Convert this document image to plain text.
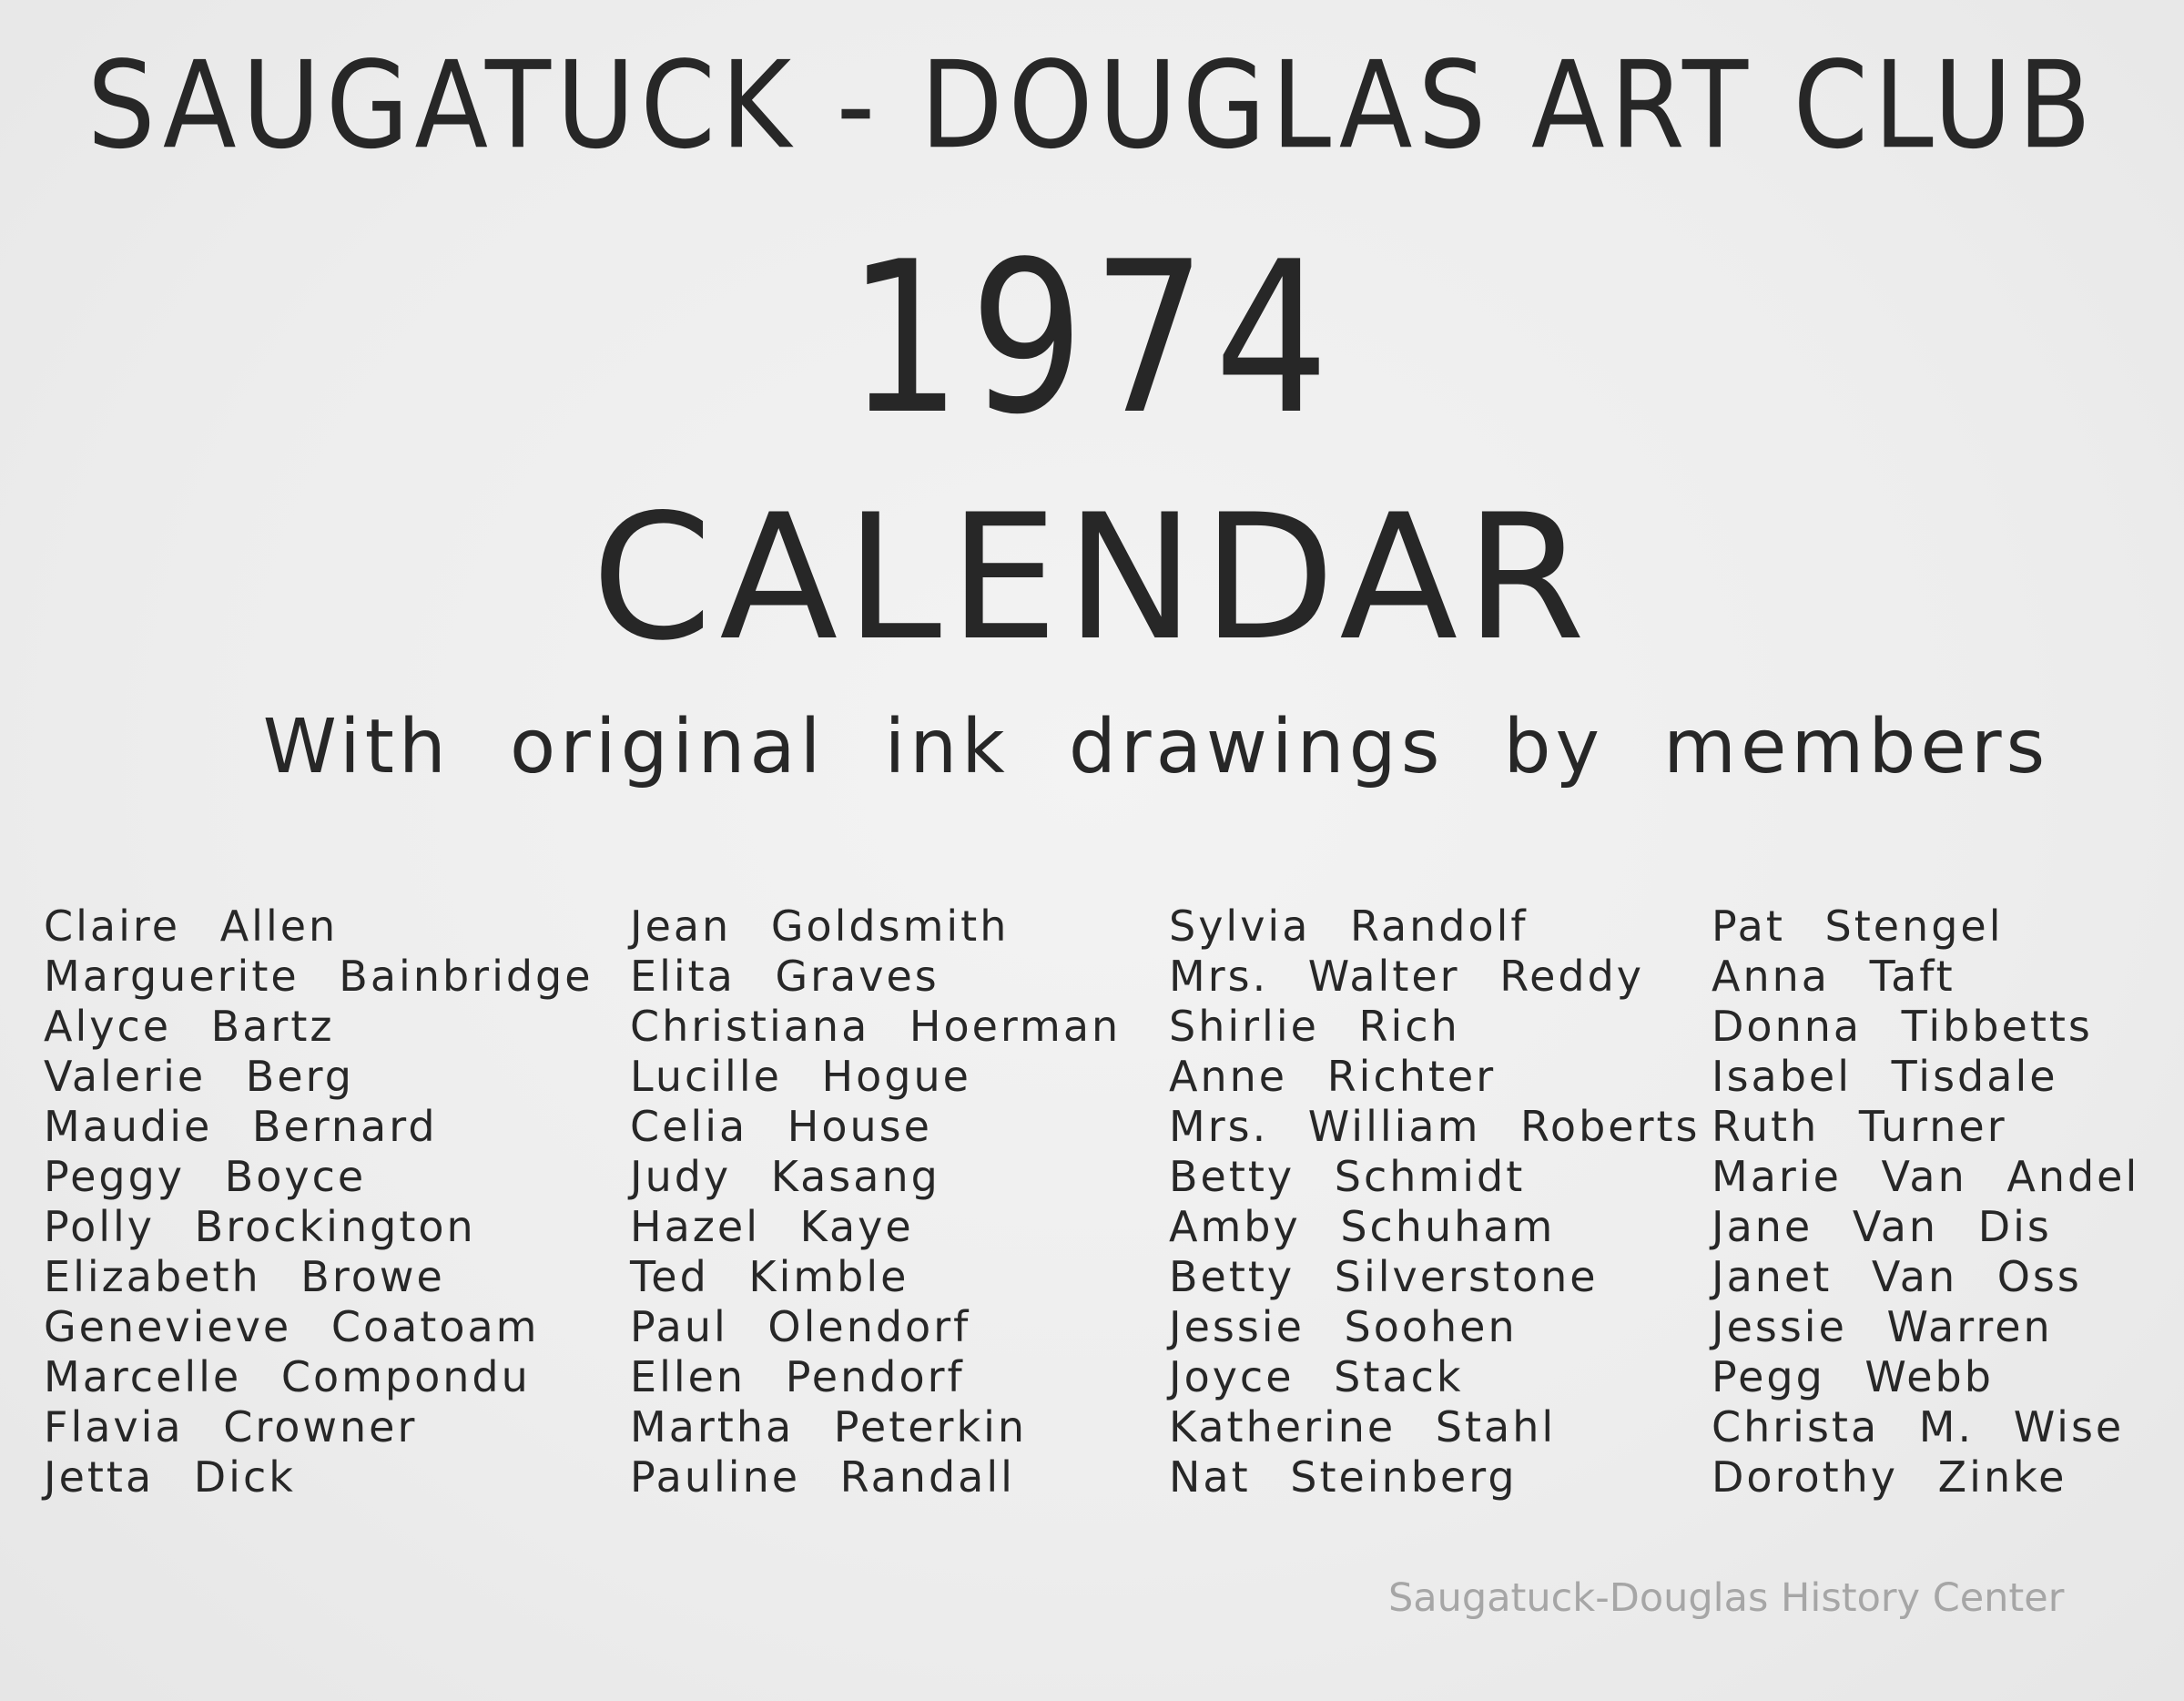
SAUGATUCK - DOUGLAS ART CLUB
1974
CALENDAR
With original ink drawings by members
Claire Allen
Marguerite Bainbridge
Alyce Bartz
Valerie Berg
Maudie Bernard
Peggy Boyce
Polly Brockington
Elizabeth Browe
Genevieve Coatoam
Marcelle Compondu
Flavia Crowner
Jetta Dick
Jean Goldsmith
Elita Graves
Christiana Hoerman
Lucille Hogue
Celia House
Judy Kasang
Hazel Kaye
Ted Kimble
Paul Olendorf
Ellen Pendorf
Martha Peterkin
Pauline Randall
Sylvia Randolf
Mrs. Walter Reddy
Shirlie Rich
Anne Richter
Mrs. William Roberts
Betty Schmidt
Amby Schuham
Betty Silverstone
Jessie Soohen
Joyce Stack
Katherine Stahl
Nat Steinberg
Pat Stengel
Anna Taft
Donna Tibbetts
Isabel Tisdale
Ruth Turner
Marie Van Andel
Jane Van Dis
Janet Van Oss
Jessie Warren
Pegg Webb
Christa M. Wise
Dorothy Zinke
Saugatuck-Douglas History Center
